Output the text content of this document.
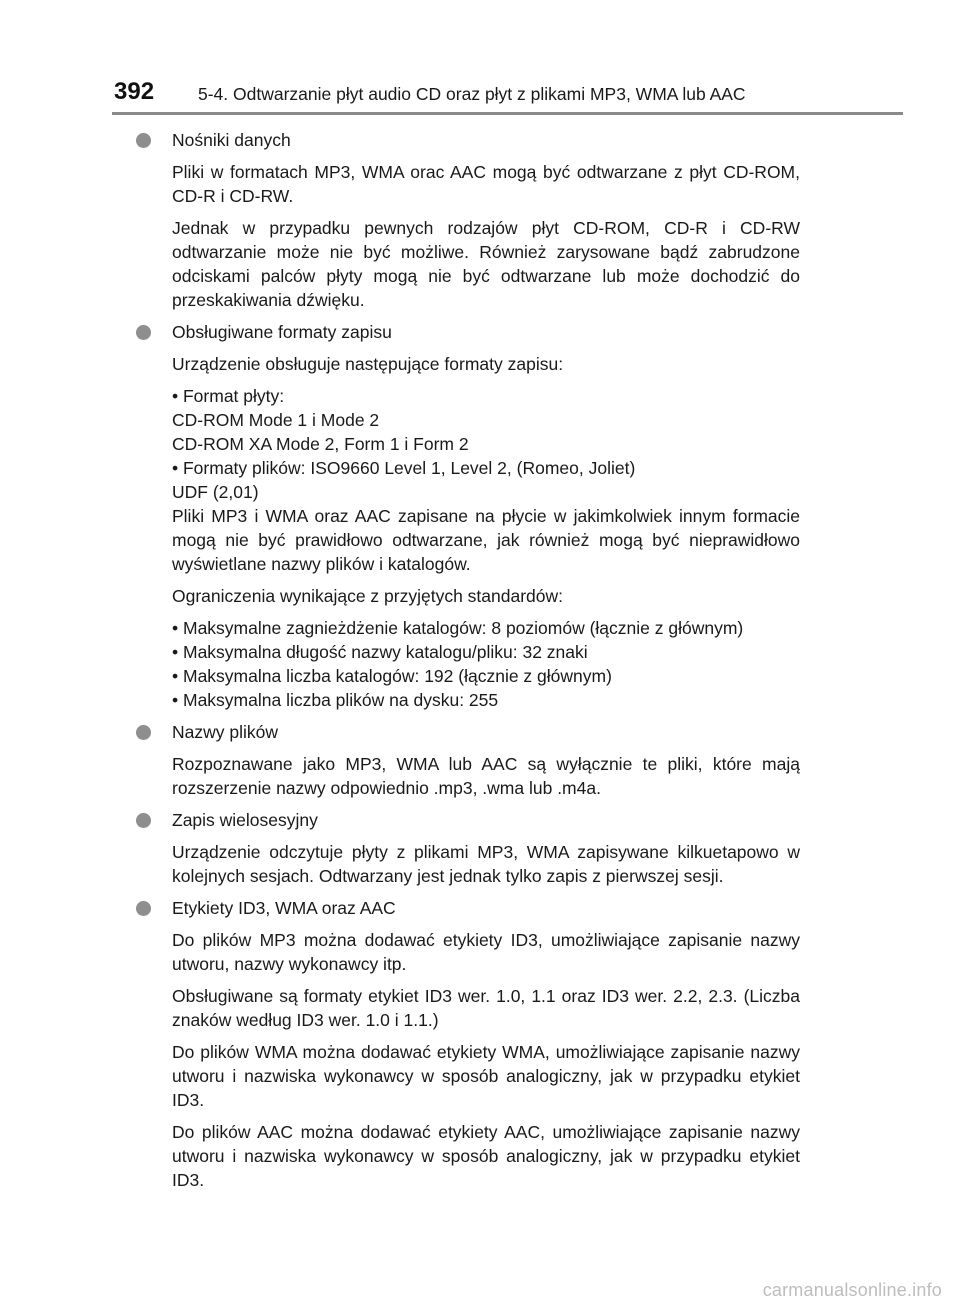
392	5-4. Odtwarzanie płyt audio CD oraz płyt z plikami MP3, WMA lub AAC

Nośniki danych

Pliki w formatach MP3, WMA orac AAC mogą być odtwarzane z płyt CD-ROM, CD-R i CD-RW.

Jednak w przypadku pewnych rodzajów płyt CD-ROM, CD-R i CD-RW odtwarzanie może nie być możliwe. Również zarysowane bądź zabrudzone odciskami palców płyty mogą nie być odtwarzane lub może dochodzić do przeskakiwania dźwięku.

Obsługiwane formaty zapisu

Urządzenie obsługuje następujące formaty zapisu:

• Format płyty:
CD-ROM Mode 1 i Mode 2
CD-ROM XA Mode 2, Form 1 i Form 2
• Formaty plików: ISO9660 Level 1, Level 2, (Romeo, Joliet)
UDF (2,01)

Pliki MP3 i WMA oraz AAC zapisane na płycie w jakimkolwiek innym formacie mogą nie być prawidłowo odtwarzane, jak również mogą być nieprawidłowo wyświetlane nazwy plików i katalogów.

Ograniczenia wynikające z przyjętych standardów:

• Maksymalne zagnieżdżenie katalogów: 8 poziomów (łącznie z głównym)
• Maksymalna długość nazwy katalogu/pliku: 32 znaki
• Maksymalna liczba katalogów: 192 (łącznie z głównym)
• Maksymalna liczba plików na dysku: 255

Nazwy plików

Rozpoznawane jako MP3, WMA lub AAC są wyłącznie te pliki, które mają rozszerzenie nazwy odpowiednio .mp3, .wma lub .m4a.

Zapis wielosesyjny

Urządzenie odczytuje płyty z plikami MP3, WMA zapisywane kilkuetapowo w kolejnych sesjach. Odtwarzany jest jednak tylko zapis z pierwszej sesji.

Etykiety ID3, WMA oraz AAC

Do plików MP3 można dodawać etykiety ID3, umożliwiające zapisanie nazwy utworu, nazwy wykonawcy itp.

Obsługiwane są formaty etykiet ID3 wer. 1.0, 1.1 oraz ID3 wer. 2.2, 2.3. (Liczba znaków według ID3 wer. 1.0 i 1.1.)

Do plików WMA można dodawać etykiety WMA, umożliwiające zapisanie nazwy utworu i nazwiska wykonawcy w sposób analogiczny, jak w przypadku etykiet ID3.

Do plików AAC można dodawać etykiety AAC, umożliwiające zapisanie nazwy utworu i nazwiska wykonawcy w sposób analogiczny, jak w przypadku etykiet ID3.

carmanualsonline.info
